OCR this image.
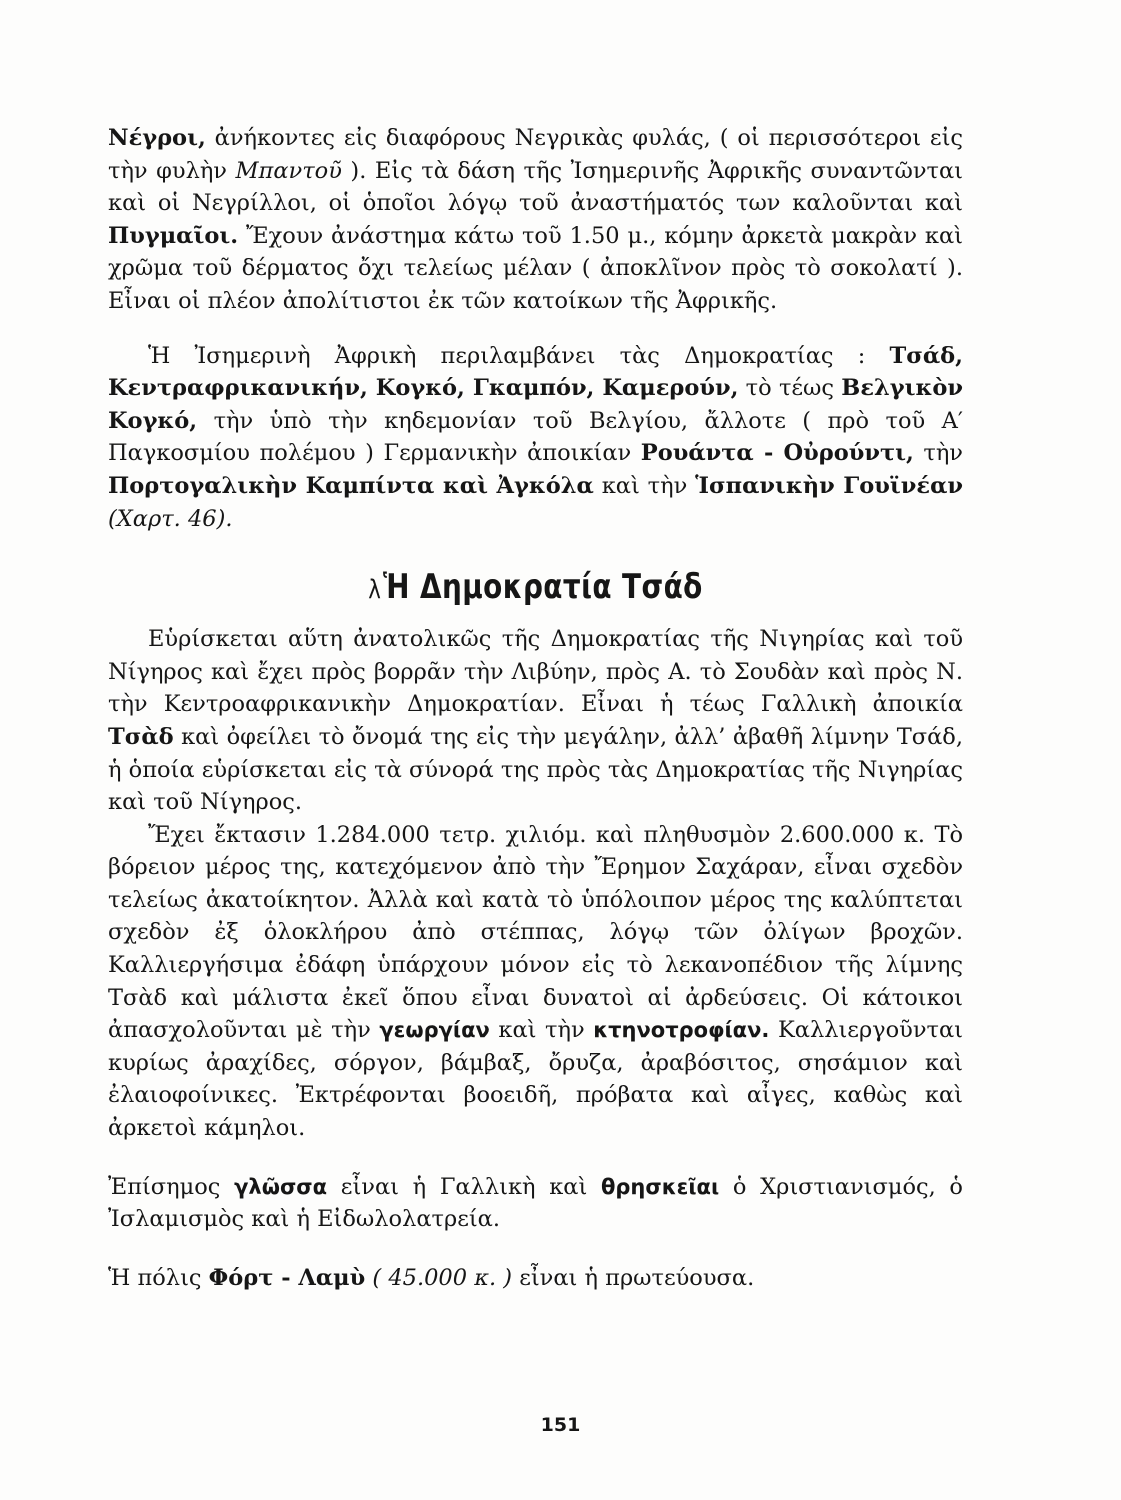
Νέγροι, ἀνήκοντες εἰς διαφόρους Νεγρικὰς φυλάς, ( οἱ περισσότεροι εἰς τὴν φυλὴν Μπαντοῦ ). Εἰς τὰ δάση τῆς Ἰσημερινῆς Ἀφρικῆς συναντῶνται καὶ οἱ Νεγρίλλοι, οἱ ὁποῖοι λόγῳ τοῦ ἀναστήματός των καλοῦνται καὶ Πυγμαῖοι. Ἔχουν ἀνάστημα κάτω τοῦ 1.50 μ., κόμην ἀρκετὰ μακρὰν καὶ χρῶμα τοῦ δέρματος ὄχι τελείως μέλαν ( ἀποκλῖνον πρὸς τὸ σοκολατί ). Εἶναι οἱ πλέον ἀπολίτιστοι ἐκ τῶν κατοίκων τῆς Ἀφρικῆς.

Ἡ Ἰσημερινὴ Ἀφρικὴ περιλαμβάνει τὰς Δημοκρατίας : Τσάδ, Κεντραφρικανικήν, Κογκό, Γκαμπόν, Καμερούν, τὸ τέως Βελγικὸν Κογκό, τὴν ὑπὸ τὴν κηδεμονίαν τοῦ Βελγίου, ἄλλοτε ( πρὸ τοῦ Α′ Παγκοσμίου πολέμου ) Γερμανικὴν ἀποικίαν Ρουάντα - Οὐρούντι, τὴν Πορτογαλικὴν Καμπίντα καὶ Ἀγκόλα καὶ τὴν Ἱσπανικὴν Γουϊνέαν (Χαρτ. 46).

λἩ Δημοκρατία Τσάδ

Εὑρίσκεται αὕτη ἀνατολικῶς τῆς Δημοκρατίας τῆς Νιγηρίας καὶ τοῦ Νίγηρος καὶ ἔχει πρὸς βορρᾶν τὴν Λιβύην, πρὸς Α. τὸ Σουδὰν καὶ πρὸς Ν. τὴν Κεντροαφρικανικὴν Δημοκρατίαν. Εἶναι ἡ τέως Γαλλικὴ ἀποικία Τσὰδ καὶ ὀφείλει τὸ ὄνομά της εἰς τὴν μεγάλην, ἀλλ’ ἀβαθῆ λίμνην Τσάδ, ἡ ὁποία εὑρίσκεται εἰς τὰ σύνορά της πρὸς τὰς Δημοκρατίας τῆς Νιγηρίας καὶ τοῦ Νίγηρος.

Ἔχει ἔκτασιν 1.284.000 τετρ. χιλιόμ. καὶ πληθυσμὸν 2.600.000 κ. Τὸ βόρειον μέρος της, κατεχόμενον ἀπὸ τὴν Ἔρημον Σαχάραν, εἶναι σχεδὸν τελείως ἀκατοίκητον. Ἀλλὰ καὶ κατὰ τὸ ὑπόλοιπον μέρος της καλύπτεται σχεδὸν ἐξ ὁλοκλήρου ἀπὸ στέππας, λόγῳ τῶν ὀλίγων βροχῶν. Καλλιεργήσιμα ἐδάφη ὑπάρχουν μόνον εἰς τὸ λεκανοπέδιον τῆς λίμνης Τσὰδ καὶ μάλιστα ἐκεῖ ὅπου εἶναι δυνατοὶ αἱ ἀρδεύσεις. Οἱ κάτοικοι ἀπασχολοῦνται μὲ τὴν γεωργίαν καὶ τὴν κτηνοτροφίαν. Καλλιεργοῦνται κυρίως ἀραχίδες, σόργον, βάμβαξ, ὄρυζα, ἀραβόσιτος, σησάμιον καὶ ἐλαιοφοίνικες. Ἐκτρέφονται βοοειδῆ, πρόβατα καὶ αἶγες, καθὼς καὶ ἀρκετοὶ κάμηλοι.

Ἐπίσημος γλῶσσα εἶναι ἡ Γαλλικὴ καὶ θρησκεῖαι ὁ Χριστιανισμός, ὁ Ἰσλαμισμὸς καὶ ἡ Εἰδωλολατρεία.

Ἡ πόλις Φόρτ - Λαμὺ ( 45.000 κ. ) εἶναι ἡ πρωτεύουσα.

151
